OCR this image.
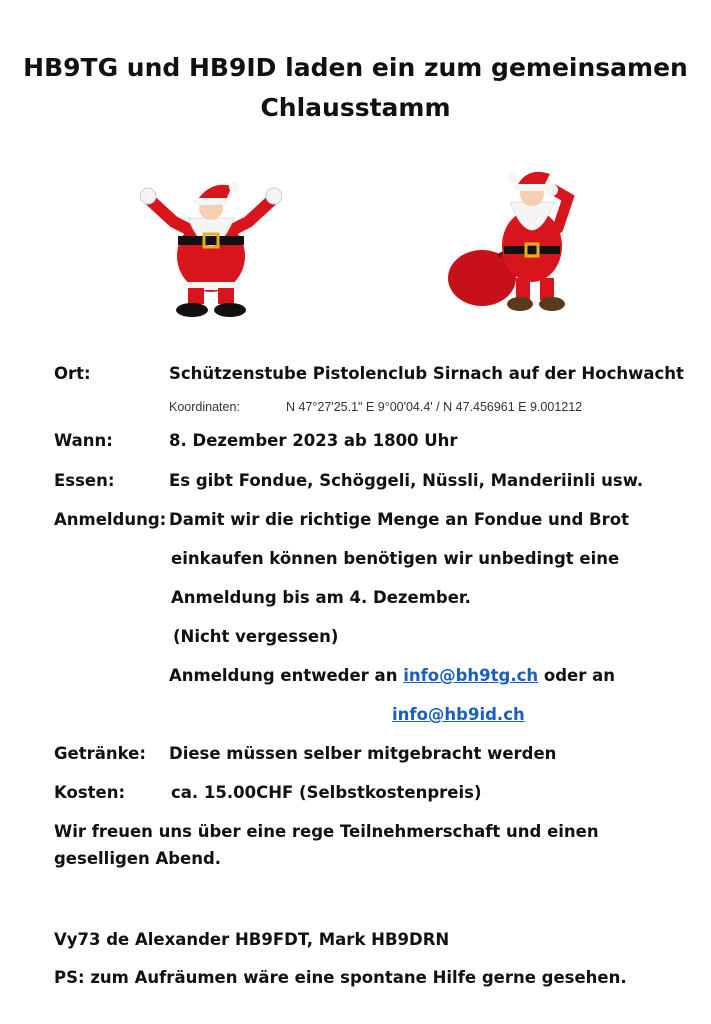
HB9TG und HB9ID laden ein zum gemeinsamen
Chlausstamm
Ort:	Schützenstube Pistolenclub Sirnach auf der Hochwacht
Koordinaten:	N 47°27'25.1" E 9°00'04.4' / N 47.456961 E 9.001212
Wann:	8. Dezember 2023 ab 1800 Uhr
Essen:	Es gibt Fondue, Schöggeli, Nüssli, Manderiinli usw.
Anmeldung: Damit wir die richtige Menge an Fondue und Brot
einkaufen können benötigen wir unbedingt eine
Anmeldung bis am 4. Dezember.
(Nicht vergessen)
Anmeldung entweder an info@bh9tg.ch oder an
info@hb9id.ch
Getränke: Diese müssen selber mitgebracht werden
Kosten:	ca. 15.00CHF (Selbstkostenpreis)
Wir freuen uns über eine rege Teilnehmerschaft und einen
geselligen Abend.
Vy73 de Alexander HB9FDT, Mark HB9DRN
PS: zum Aufräumen wäre eine spontane Hilfe gerne gesehen.
